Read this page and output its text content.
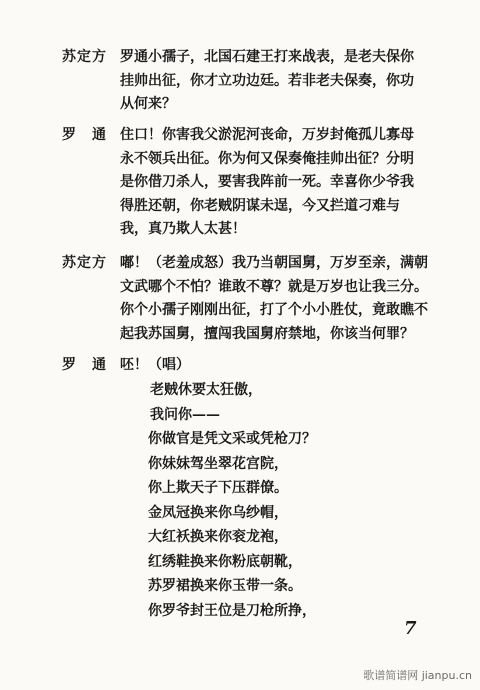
苏定方 罗通小孺子，北国石建王打来战表，是老夫保你
挂帅出征，你才立功边廷。若非老夫保奏，你功
从何来？
罗　通 住口！你害我父淤泥河丧命，万岁封俺孤儿寡母
永不领兵出征。你为何又保奏俺挂帅出征？分明
是你借刀杀人，要害我阵前一死。幸喜你少爷我
得胜还朝，你老贼阴谋未逞，今又拦道刁难与
我，真乃欺人太甚！
苏定方 嘟！（老羞成怒）我乃当朝国舅，万岁至亲，满朝
文武哪个不怕？谁敢不尊？就是万岁也让我三分。
你个小孺子刚刚出征，打了个小小胜仗，竟敢瞧不
起我苏国舅，擅闯我国舅府禁地，你该当何罪？
罗　通 呸！（唱）
老贼休要太狂傲，
我问你——
你做官是凭文采或凭枪刀？
你妹妹驾坐翠花宫院，
你上欺天子下压群僚。
金凤冠换来你乌纱帽，
大红袄换来你衮龙袍，
红绣鞋换来你粉底朝靴，
苏罗裙换来你玉带一条。
你罗爷封王位是刀枪所挣，
7
歌谱简谱网 jianpu.cn
